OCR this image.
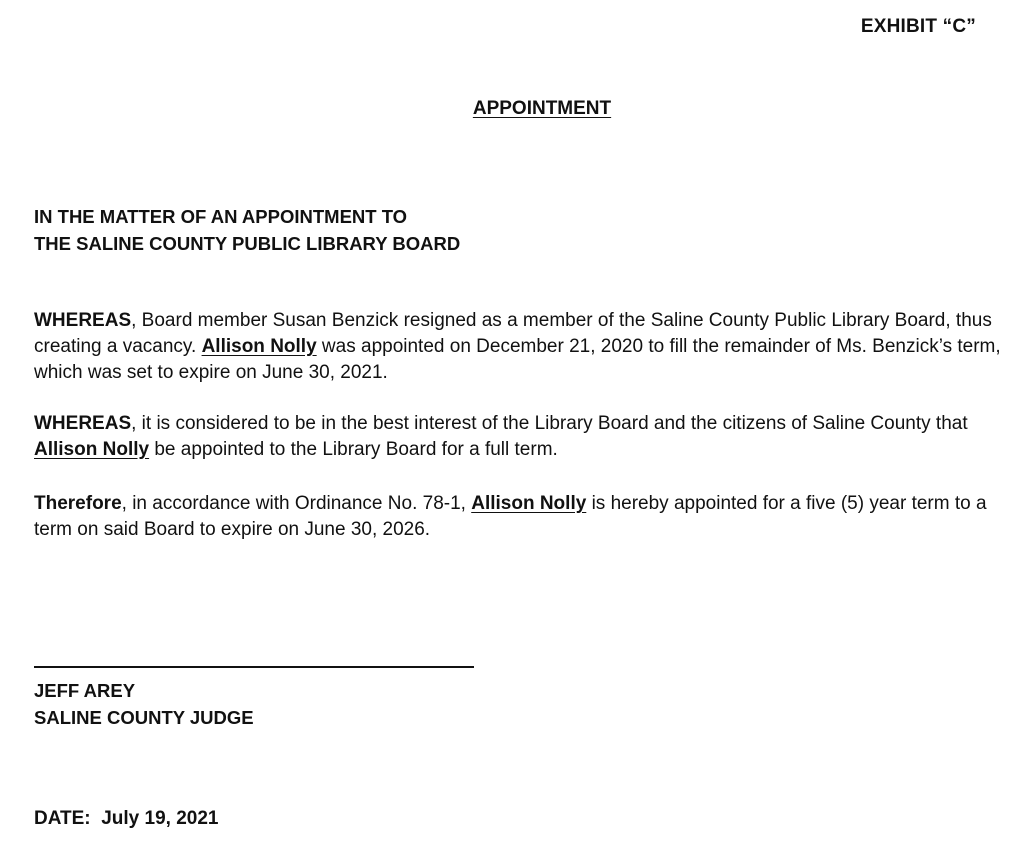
EXHIBIT “C”
APPOINTMENT
IN THE MATTER OF AN APPOINTMENT TO
THE SALINE COUNTY PUBLIC LIBRARY BOARD

WHEREAS, Board member Susan Benzick resigned as a member of the Saline County Public Library Board, thus creating a vacancy. Allison Nolly was appointed on December 21, 2020 to fill the remainder of Ms. Benzick’s term, which was set to expire on June 30, 2021.

WHEREAS, it is considered to be in the best interest of the Library Board and the citizens of Saline County that Allison Nolly be appointed to the Library Board for a full term.

Therefore, in accordance with Ordinance No. 78-1, Allison Nolly is hereby appointed for a five (5) year term to a term on said Board to expire on June 30, 2026.

JEFF AREY
SALINE COUNTY JUDGE
DATE: July 19, 2021
